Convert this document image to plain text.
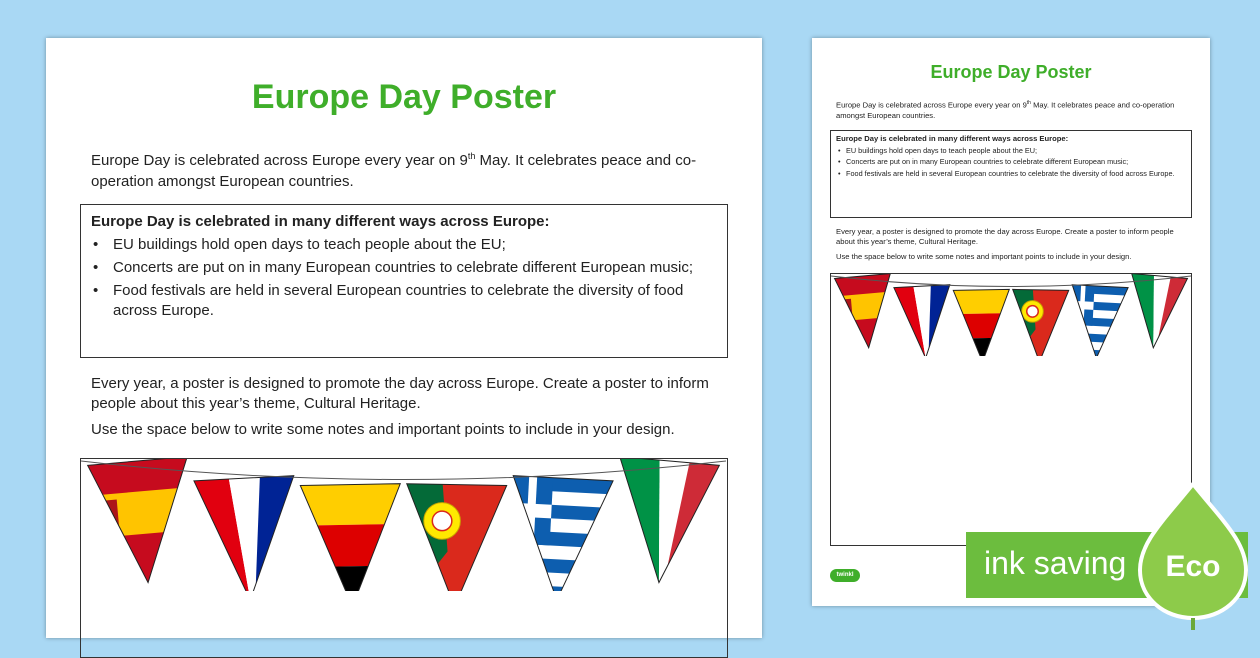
Europe Day Poster

Europe Day is celebrated across Europe every year on 9th May. It celebrates peace and co-operation amongst European countries.

Europe Day is celebrated in many different ways across Europe:

• EU buildings hold open days to teach people about the EU;
• Concerts are put on in many European countries to celebrate different European music;
• Food festivals are held in several European countries to celebrate the diversity of food across Europe.

Every year, a poster is designed to promote the day across Europe. Create a poster to inform people about this year’s theme, Cultural Heritage.

Use the space below to write some notes and important points to include in your design.

Europe Day Poster

Europe Day is celebrated across Europe every year on 9th May. It celebrates peace and co-operation amongst European countries.

Europe Day is celebrated in many different ways across Europe:

• EU buildings hold open days to teach people about the EU;
• Concerts are put on in many European countries to celebrate different European music;
• Food festivals are held in several European countries to celebrate the diversity of food across Europe.

Every year, a poster is designed to promote the day across Europe. Create a poster to inform people about this year’s theme, Cultural Heritage.

Use the space below to write some notes and important points to include in your design.

twinkl	ink saving Eco
